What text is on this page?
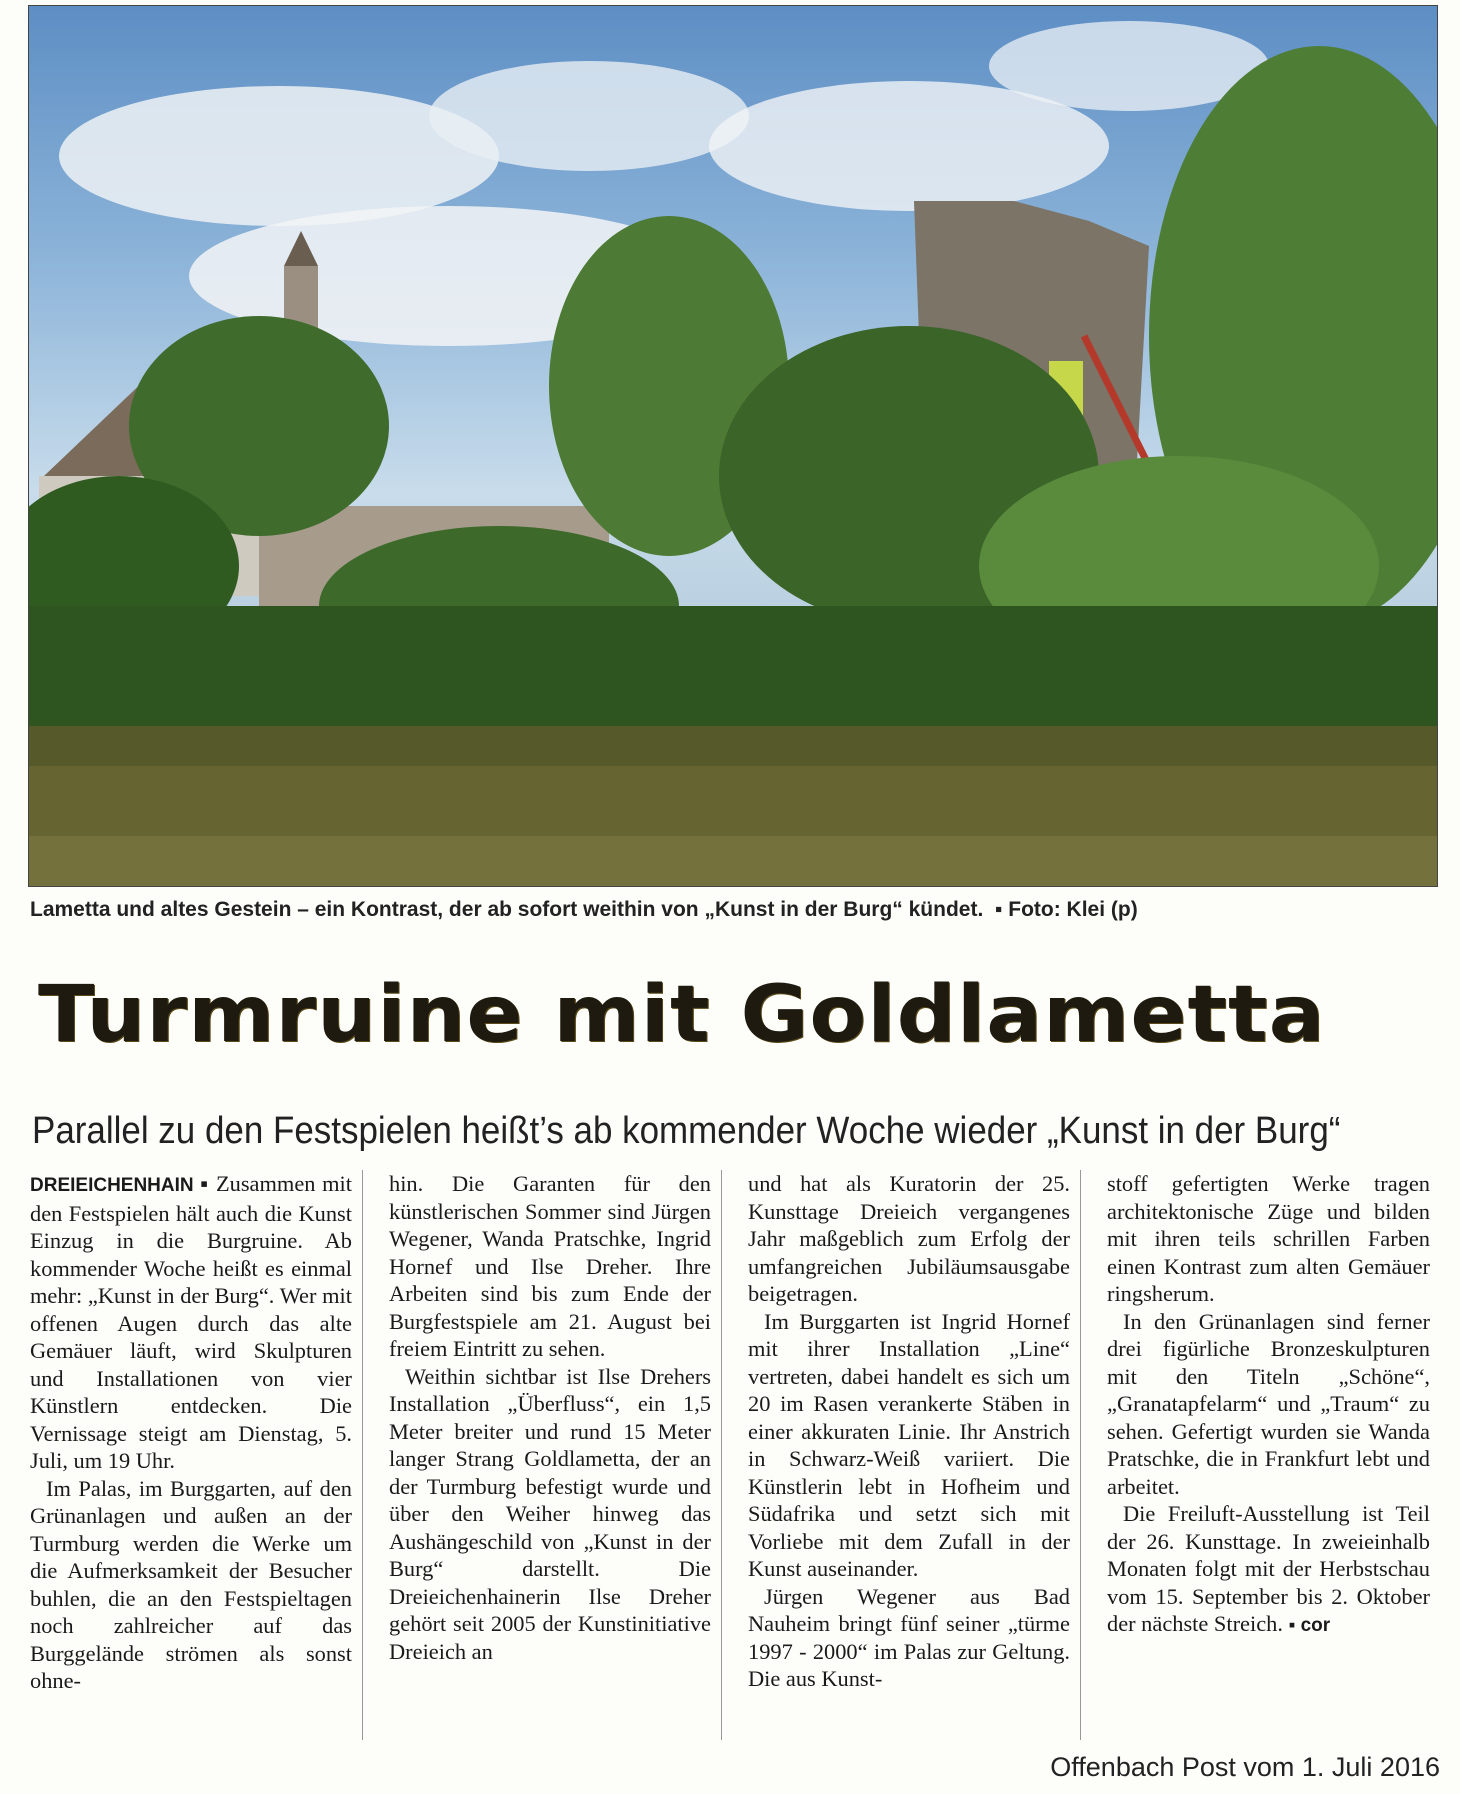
Lametta und altes Gestein – ein Kontrast, der ab sofort weithin von „Kunst in der Burg“ kündet. ▪ Foto: Klei (p)
Turmruine mit Goldlametta
Parallel zu den Festspielen heißt’s ab kommender Woche wieder „Kunst in der Burg“

DREIEICHENHAIN ▪ Zusammen mit den Festspielen hält auch die Kunst Einzug in die Burgruine. Ab kommender Woche heißt es einmal mehr: „Kunst in der Burg“. Wer mit offenen Augen durch das alte Gemäuer läuft, wird Skulpturen und Installationen von vier Künstlern entdecken. Die Vernissage steigt am Dienstag, 5. Juli, um 19 Uhr.

Im Palas, im Burggarten, auf den Grünanlagen und außen an der Turmburg werden die Werke um die Aufmerksamkeit der Besucher buhlen, die an den Festspieltagen noch zahlreicher auf das Burggelände strömen als sonst ohne-

hin. Die Garanten für den künstlerischen Sommer sind Jürgen Wegener, Wanda Pratschke, Ingrid Hornef und Ilse Dreher. Ihre Arbeiten sind bis zum Ende der Burgfestspiele am 21. August bei freiem Eintritt zu sehen.

Weithin sichtbar ist Ilse Drehers Installation „Überfluss“, ein 1,5 Meter breiter und rund 15 Meter langer Strang Goldlametta, der an der Turmburg befestigt wurde und über den Weiher hinweg das Aushängeschild von „Kunst in der Burg“ darstellt. Die Dreieichenhainerin Ilse Dreher gehört seit 2005 der Kunstinitiative Dreieich an

und hat als Kuratorin der 25. Kunsttage Dreieich vergangenes Jahr maßgeblich zum Erfolg der umfangreichen Jubiläumsausgabe beigetragen.

Im Burggarten ist Ingrid Hornef mit ihrer Installation „Line“ vertreten, dabei handelt es sich um 20 im Rasen verankerte Stäben in einer akkuraten Linie. Ihr Anstrich in Schwarz-Weiß variiert. Die Künstlerin lebt in Hofheim und Südafrika und setzt sich mit Vorliebe mit dem Zufall in der Kunst auseinander.

Jürgen Wegener aus Bad Nauheim bringt fünf seiner „türme 1997 - 2000“ im Palas zur Geltung. Die aus Kunst-

stoff gefertigten Werke tragen architektonische Züge und bilden mit ihren teils schrillen Farben einen Kontrast zum alten Gemäuer ringsherum.

In den Grünanlagen sind ferner drei figürliche Bronzeskulpturen mit den Titeln „Schöne“, „Granatapfelarm“ und „Traum“ zu sehen. Gefertigt wurden sie Wanda Pratschke, die in Frankfurt lebt und arbeitet.

Die Freiluft-Ausstellung ist Teil der 26. Kunsttage. In zweieinhalb Monaten folgt mit der Herbstschau vom 15. September bis 2. Oktober der nächste Streich. ▪ cor

Offenbach Post vom 1. Juli 2016
